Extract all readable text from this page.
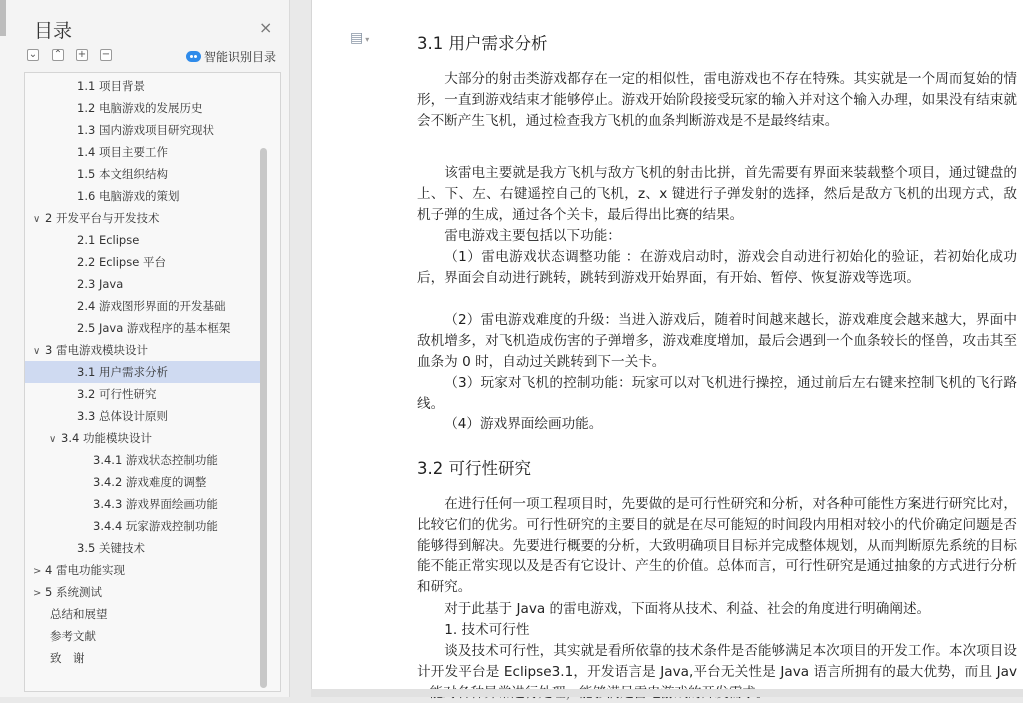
目录	×
⌄ ⌃ + −	智能识别目录
1.1 项目背景
1.2 电脑游戏的发展历史
1.3 国内游戏项目研究现状
1.4 项目主要工作
1.5 本文组织结构
1.6 电脑游戏的策划
∨ 2 开发平台与开发技术
2.1 Eclipse
2.2 Eclipse 平台
2.3 Java
2.4 游戏图形界面的开发基础
2.5 Java 游戏程序的基本框架
∨ 3 雷电游戏模块设计
3.1 用户需求分析
3.2 可行性研究
3.3 总体设计原则
∨ 3.4 功能模块设计
3.4.1 游戏状态控制功能
3.4.2 游戏难度的调整
3.4.3 游戏界面绘画功能
3.4.4 玩家游戏控制功能
3.5 关键技术
> 4 雷电功能实现
> 5 系统测试
总结和展望
参考文献
致　谢
▤ ▾	3.1 用户需求分析
大部分的射击类游戏都存在一定的相似性，雷电游戏也不存在特殊。其实就是一个周而复始的情形，一直到游戏结束才能够停止。游戏开始阶段接受玩家的输入并对这个输入办理，如果没有结束就会不断产生飞机，通过检查我方飞机的血条判断游戏是不是最终结束。
该雷电主要就是我方飞机与敌方飞机的射击比拼，首先需要有界面来装载整个项目，通过键盘的上、下、左、右键遥控自己的飞机，z、x 键进行子弹发射的选择，然后是敌方飞机的出现方式，敌机子弹的生成，通过各个关卡，最后得出比赛的结果。
雷电游戏主要包括以下功能：
（1）雷电游戏状态调整功能 ：在游戏启动时，游戏会自动进行初始化的验证，若初始化成功后，界面会自动进行跳转，跳转到游戏开始界面，有开始、暂停、恢复游戏等选项。
（2）雷电游戏难度的升级：当进入游戏后，随着时间越来越长，游戏难度会越来越大，界面中敌机增多，对飞机造成伤害的子弹增多，游戏难度增加，最后会遇到一个血条较长的怪兽，攻击其至血条为 0 时，自动过关跳转到下一关卡。
（3）玩家对飞机的控制功能：玩家可以对飞机进行操控，通过前后左右键来控制飞机的飞行路线。
（4）游戏界面绘画功能。
3.2 可行性研究
在进行任何一项工程项目时，先要做的是可行性研究和分析，对各种可能性方案进行研究比对，比较它们的优劣。可行性研究的主要目的就是在尽可能短的时间段内用相对较小的代价确定问题是否能够得到解决。先要进行概要的分析，大致明确项目目标并完成整体规划，从而判断原先系统的目标能不能正常实现以及是否有它设计、产生的价值。总体而言，可行性研究是通过抽象的方式进行分析和研究。
对于此基于 Java 的雷电游戏，下面将从技术、利益、社会的角度进行明确阐述。
1. 技术可行性
谈及技术可行性，其实就是看所依靠的技术条件是否能够满足本次项目的开发工作。本次项目设计开发平台是 Eclipse3.1，开发语言是 Java,平台无关性是 Java 语言所拥有的最大优势，而且 Jav
